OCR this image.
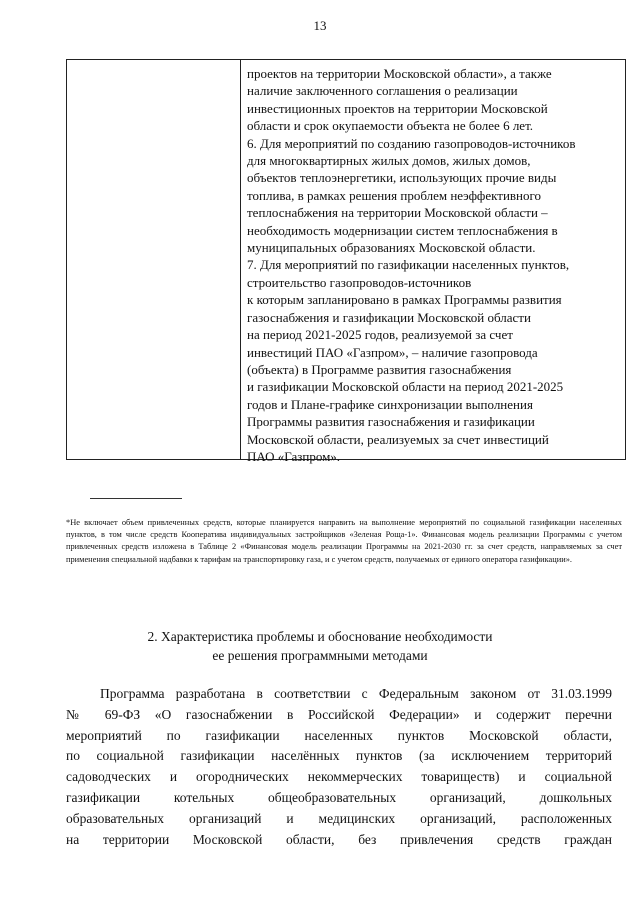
13
проектов на территории Московской области», а также
наличие заключенного соглашения о реализации
инвестиционных проектов на территории Московской
области и срок окупаемости объекта не более 6 лет.
6. Для мероприятий по созданию газопроводов-источников
для многоквартирных жилых домов, жилых домов,
объектов теплоэнергетики, использующих прочие виды
топлива, в рамках решения проблем неэффективного
теплоснабжения на территории Московской области –
необходимость модернизации систем теплоснабжения в
муниципальных образованиях Московской области.
7. Для мероприятий по газификации населенных пунктов,
строительство газопроводов-источников
к которым запланировано в рамках Программы развития
газоснабжения и газификации Московской области
на период 2021-2025 годов, реализуемой за счет
инвестиций ПАО «Газпром», – наличие газопровода
(объекта) в Программе развития газоснабжения
и газификации Московской области на период 2021-2025
годов и Плане-графике синхронизации выполнения
Программы развития газоснабжения и газификации
Московской области, реализуемых за счет инвестиций
ПАО «Газпром».
*Не включает объем привлеченных средств, которые планируется направить на выполнение мероприятий по социальной газификации населенных пунктов, в том числе средств Кооператива индивидуальных застройщиков «Зеленая Роща-1». Финансовая модель реализации Программы с учетом привлеченных средств изложена в Таблице 2 «Финансовая модель реализации Программы на 2021-2030 гг. за счет средств, направляемых за счет применения специальной надбавки к тарифам на транспортировку газа, и с учетом средств, получаемых от единого оператора газификации».
2. Характеристика проблемы и обоснование необходимости
ее решения программными методами
Программа разработана в соответствии с Федеральным законом от 31.03.1999
№ 69-ФЗ «О газоснабжении в Российской Федерации» и содержит перечни
мероприятий по газификации населенных пунктов Московской области,
по социальной газификации населённых пунктов (за исключением территорий
садоводческих и огороднических некоммерческих товариществ) и социальной
газификации котельных общеобразовательных организаций, дошкольных
образовательных организаций и медицинских организаций, расположенных
на территории Московской области, без привлечения средств граждан
